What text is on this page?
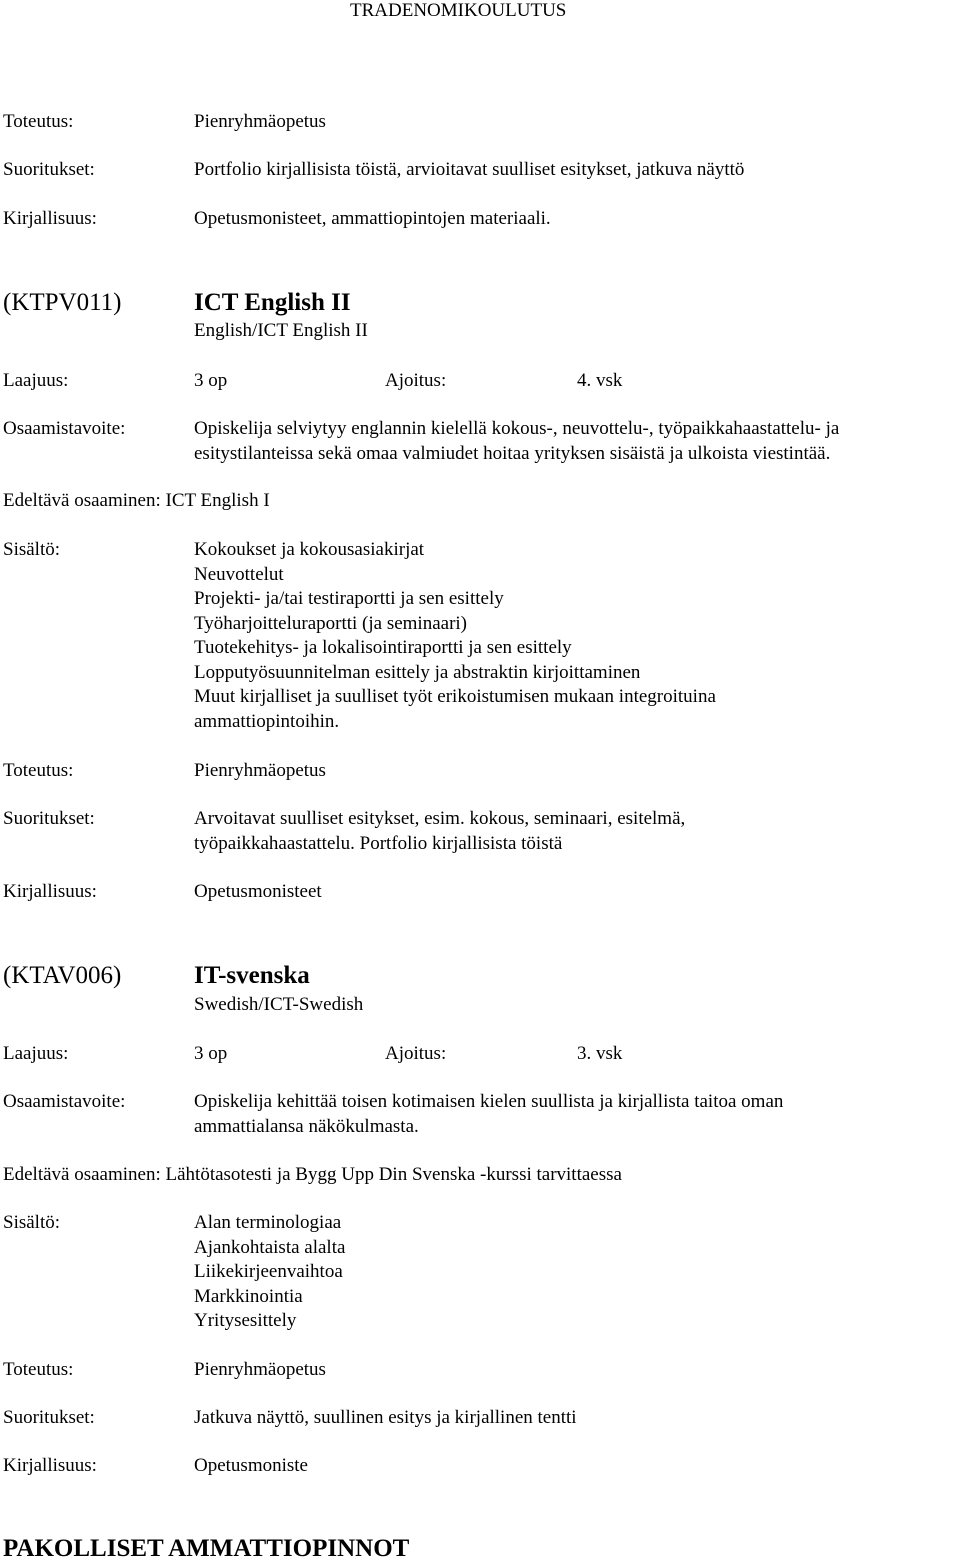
TRADENOMIKOULUTUS
Toteutus:	Pienryhmäopetus
Suoritukset:	Portfolio kirjallisista töistä, arvioitavat suulliset esitykset, jatkuva näyttö
Kirjallisuus:	Opetusmonisteet, ammattiopintojen materiaali.
(KTPV011)	ICT English II
English/ICT English II
Laajuus:	3 op	Ajoitus:	4. vsk
Osaamistavoite:	Opiskelija selviytyy englannin kielellä kokous-, neuvottelu-, työpaikkahaastattelu- ja
esitystilanteissa sekä omaa valmiudet hoitaa yrityksen sisäistä ja ulkoista viestintää.
Edeltävä osaaminen: ICT English I
Sisältö:	Kokoukset ja kokousasiakirjat
Neuvottelut
Projekti- ja/tai testiraportti ja sen esittely
Työharjoitteluraportti (ja seminaari)
Tuotekehitys- ja lokalisointiraportti ja sen esittely
Lopputyösuunnitelman esittely ja abstraktin kirjoittaminen
Muut kirjalliset ja suulliset työt erikoistumisen mukaan integroituina
ammattiopintoihin.
Toteutus:	Pienryhmäopetus
Suoritukset:	Arvoitavat suulliset esitykset, esim. kokous, seminaari, esitelmä,
työpaikkahaastattelu. Portfolio kirjallisista töistä
Kirjallisuus:	Opetusmonisteet
(KTAV006)	IT-svenska
Swedish/ICT-Swedish
Laajuus:	3 op	Ajoitus:	3. vsk
Osaamistavoite:	Opiskelija kehittää toisen kotimaisen kielen suullista ja kirjallista taitoa oman
ammattialansa näkökulmasta.
Edeltävä osaaminen: Lähtötasotesti ja Bygg Upp Din Svenska -kurssi tarvittaessa
Sisältö:	Alan terminologiaa
Ajankohtaista alalta
Liikekirjeenvaihtoa
Markkinointia
Yritysesittely
Toteutus:	Pienryhmäopetus
Suoritukset:	Jatkuva näyttö, suullinen esitys ja kirjallinen tentti
Kirjallisuus:	Opetusmoniste
PAKOLLISET AMMATTIOPINNOT
